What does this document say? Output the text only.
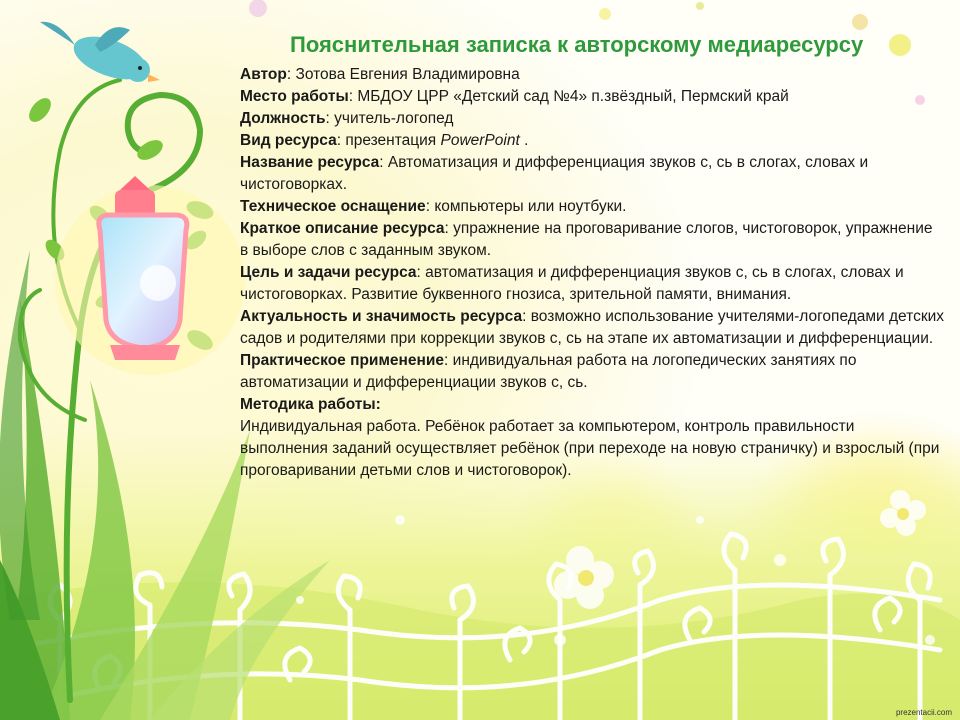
Пояснительная записка к авторскому медиаресурсу
Автор: Зотова Евгения Владимировна
Место работы: МБДОУ ЦРР «Детский сад №4» п.звёздный, Пермский край
Должность: учитель-логопед
Вид ресурса: презентация PowerPoint .
Название ресурса: Автоматизация и дифференциация звуков с, сь в слогах, словах и чистоговорках.
Техническое оснащение: компьютеры или ноутбуки.
Краткое описание ресурса: упражнение на проговаривание слогов, чистоговорок, упражнение в выборе слов с заданным звуком.
Цель и задачи ресурса: автоматизация и дифференциация звуков с, сь в слогах, словах и чистоговорках. Развитие буквенного гнозиса, зрительной памяти, внимания.
Актуальность и значимость ресурса: возможно использование учителями-логопедами детских садов и родителями при коррекции звуков с, сь на этапе их автоматизации и дифференциации.
Практическое применение: индивидуальная работа на логопедических занятиях по автоматизации и дифференциации звуков с, сь.
Методика работы:
Индивидуальная работа. Ребёнок работает за компьютером, контроль правильности выполнения заданий осуществляет ребёнок (при переходе на новую страничку) и взрослый (при проговаривании детьми слов и чистоговорок).
prezentacii.com
